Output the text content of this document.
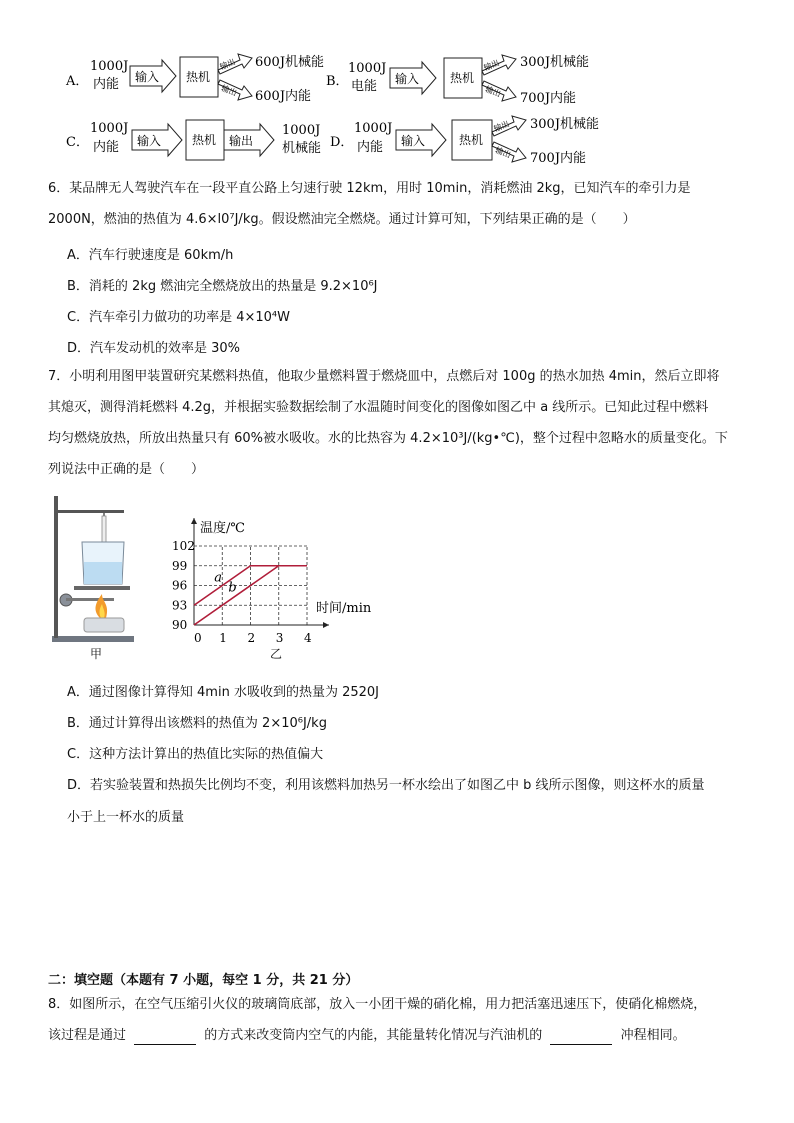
A．
1000J
内能 输入 热机
输出
输出
600J机械能
600J内能
B．
1000J
电能 输入	热机
输出
输出
300J机械能
700J内能
C．
1000J
内能 输入	热机 输出
1000J
机械能 D．
1000J
内能 输入	热机
输出
输出
300J机械能
700J内能
6．某品牌无人驾驶汽车在一段平直公路上匀速行驶 12km，用时 10min，消耗燃油 2kg，已知汽车的牵引力是
2000N，燃油的热值为 4.6×l0⁷J/kg。假设燃油完全燃烧。通过计算可知，下列结果正确的是（　　）
A．汽车行驶速度是 60km/h
B．消耗的 2kg 燃油完全燃烧放出的热量是 9.2×10⁶J
C．汽车牵引力做功的功率是 4×10⁴W
D．汽车发动机的效率是 30%
7．小明利用图甲装置研究某燃料热值，他取少量燃料置于燃烧皿中，点燃后对 100g 的热水加热 4min，然后立即将
其熄灭，测得消耗燃料 4.2g，并根据实验数据绘制了水温随时间变化的图像如图乙中 a 线所示。已知此过程中燃料
均匀燃烧放热，所放出热量只有 60%被水吸收。水的比热容为 4.2×10³J/(kg•℃)，整个过程中忽略水的质量变化。下
列说法中正确的是（　　）
甲
温度/℃
时间/min
0 1 2 3 4
90
93
96
99
102
a
b
乙
A．通过图像计算得知 4min 水吸收到的热量为 2520J
B．通过计算得出该燃料的热值为 2×10⁶J/kg
C．这种方法计算出的热值比实际的热值偏大
D．若实验装置和热损失比例均不变，利用该燃料加热另一杯水绘出了如图乙中 b 线所示图像，则这杯水的质量
小于上一杯水的质量
二：填空题（本题有 7 小题，每空 1 分，共 21 分）
8．如图所示，在空气压缩引火仪的玻璃筒底部，放入一小团干燥的硝化棉，用力把活塞迅速压下，使硝化棉燃烧，
该过程是通过	的方式来改变筒内空气的内能，其能量转化情况与汽油机的	冲程相同。
